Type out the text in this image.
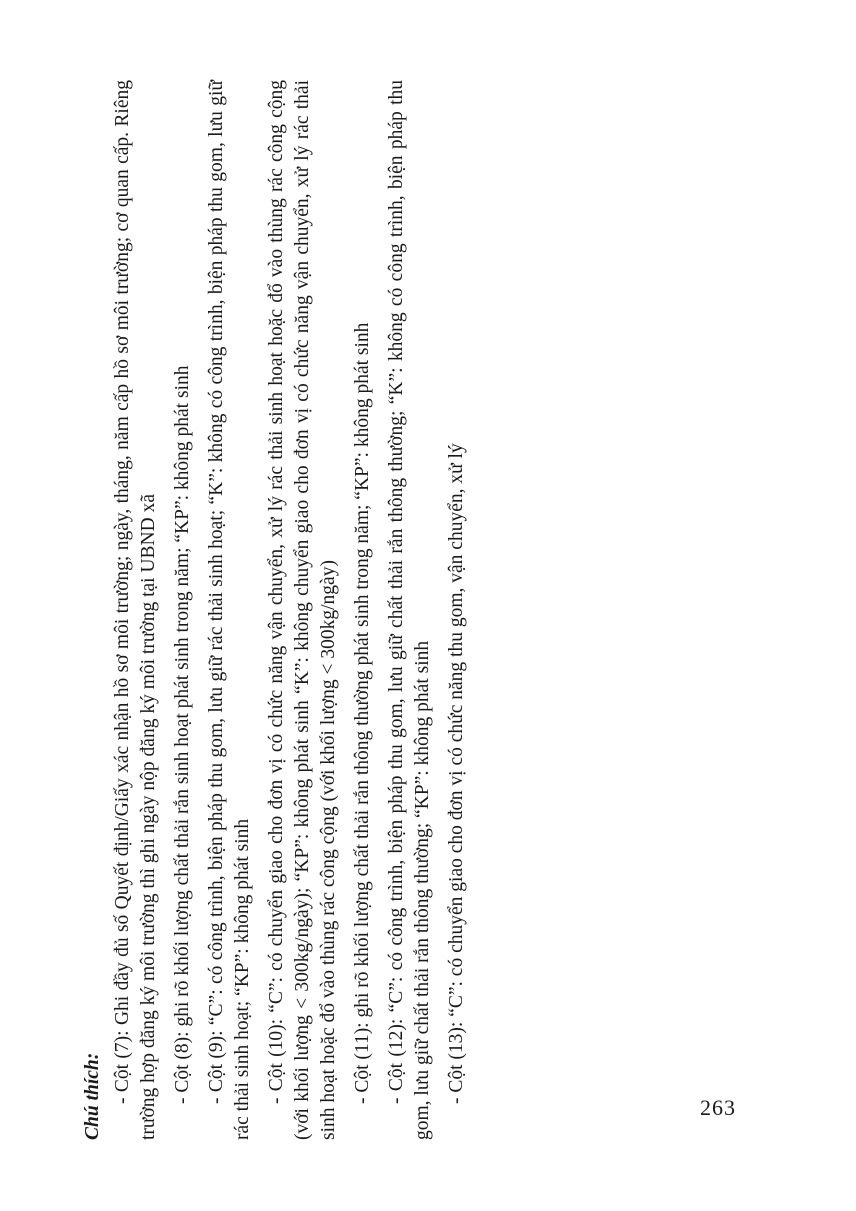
Chú thích: - Cột (7): Ghi đầy đủ số Quyết định/Giấy xác nhận hồ sơ môi trường; ngày, tháng, năm cấp hồ sơ môi trường; cơ quan cấp. Riêng trường hợp đăng ký môi trường thì ghi ngày nộp đăng ký môi trường tại UBND xã - Cột (8): ghi rõ khối lượng chất thải rắn sinh hoạt phát sinh trong năm; “KP”: không phát sinh - Cột (9): “C”: có công trình, biện pháp thu gom, lưu giữ rác thải sinh hoạt; “K”: không có công trình, biện pháp thu gom, lưu giữ rác thải sinh hoạt; “KP”: không phát sinh - Cột (10): “C”: có chuyển giao cho đơn vị có chức năng vận chuyển, xử lý rác thải sinh hoạt hoặc đổ vào thùng rác công cộng (với khối lượng < 300kg/ngày); “KP”: không phát sinh “K”: không chuyển giao cho đơn vị có chức năng vận chuyển, xử lý rác thải sinh hoạt hoặc đổ vào thùng rác công cộng (với khối lượng < 300kg/ngày) - Cột (11): ghi rõ khối lượng chất thải rắn thông thường phát sinh trong năm; “KP”: không phát sinh - Cột (12): “C”: có công trình, biện pháp thu gom, lưu giữ chất thải rắn thông thường; “K”: không có công trình, biện pháp thu gom, lưu giữ chất thải rắn thông thường; “KP”: không phát sinh - Cột (13): “C”: có chuyển giao cho đơn vị có chức năng thu gom, vận chuyển, xử lý

263
